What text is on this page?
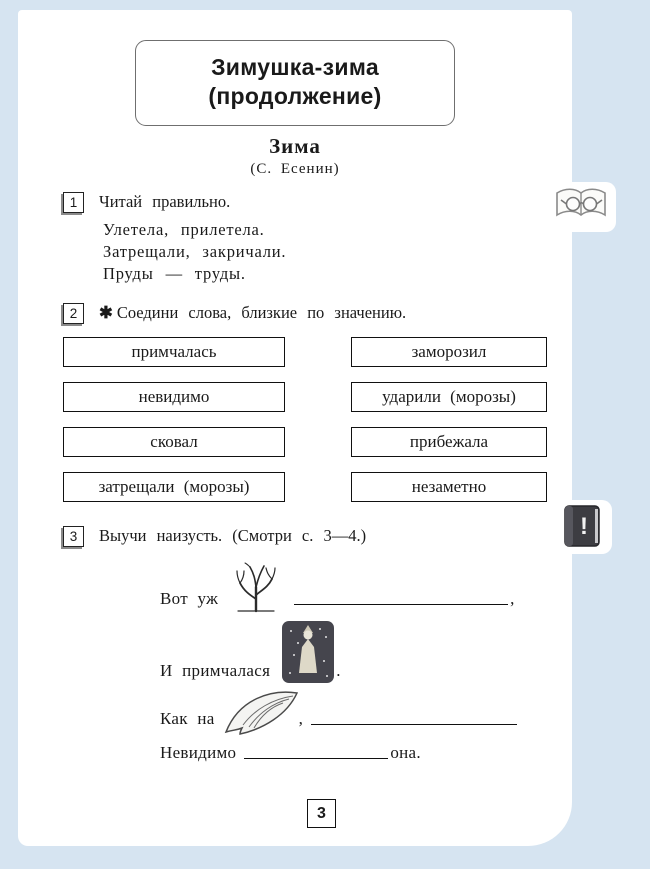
Зимушка-зима
(продолжение)
Зима
(С. Есенин)
1	Читай правильно.
Улетела, прилетела.
Затрещали, закричали.
Пруды — труды.
2	✱ Соедини слова, близкие по значению.
примчалась	заморозил
невидимо	ударили (морозы)
сковал	прибежала
затрещали (морозы)	незаметно
3	Выучи наизусть. (Смотри с. 3—4.)
Вот уж	,
И примчалася	.
Как на	,
Невидимо	она.
3
!
